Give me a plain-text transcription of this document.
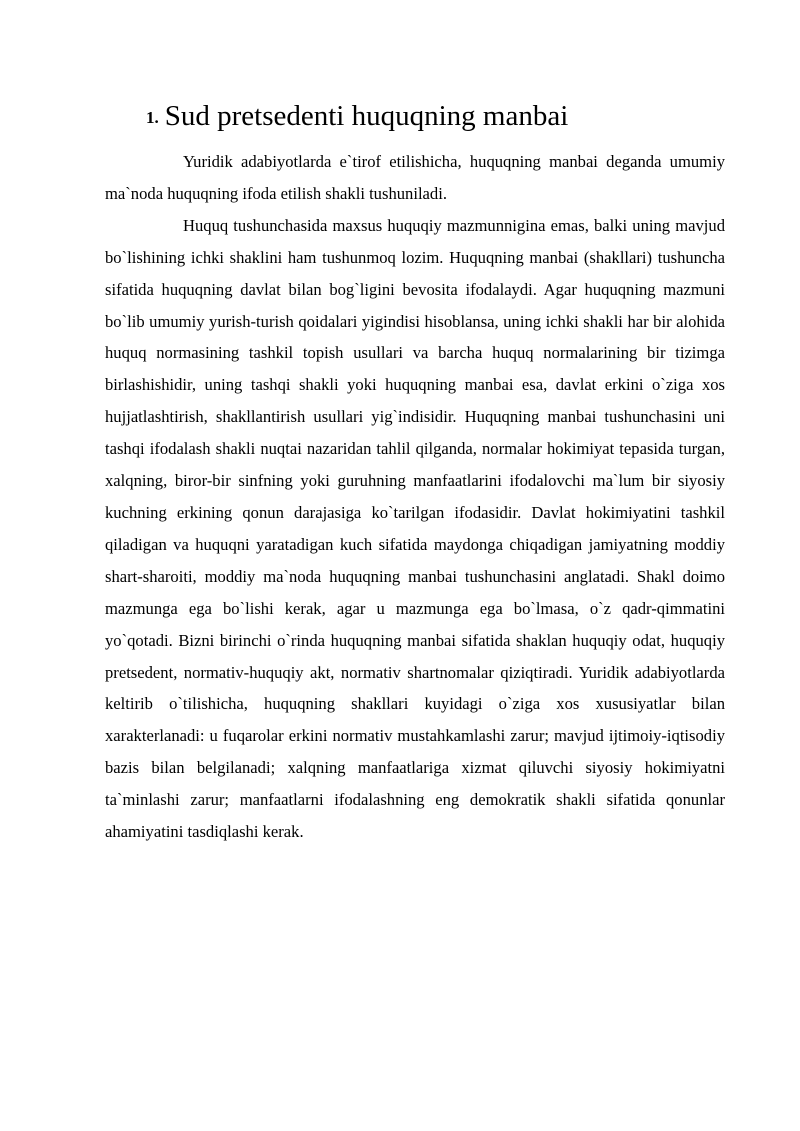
1. Sud pretsedenti huquqning manbai

Yuridik adabiyotlarda e`tirof etilishicha, huquqning manbai deganda umumiy ma`noda huquqning ifoda etilish shakli tushuniladi.

Huquq tushunchasida maxsus huquqiy mazmunnigina emas, balki uning mavjud bo`lishining ichki shaklini ham tushunmoq lozim. Huquqning manbai (shakllari) tushuncha sifatida huquqning davlat bilan bog`ligini bevosita ifodalaydi. Agar huquqning mazmuni bo`lib umumiy yurish-turish qoidalari yigindisi hisoblansa, uning ichki shakli har bir alohida huquq normasining tashkil topish usullari va barcha huquq normalarining bir tizimga birlashishidir, uning tashqi shakli yoki huquqning manbai esa, davlat erkini o`ziga xos hujjatlashtirish, shakllantirish usullari yig`indisidir. Huquqning manbai tushunchasini uni tashqi ifodalash shakli nuqtai nazaridan tahlil qilganda, normalar hokimiyat tepasida turgan, xalqning, biror-bir sinfning yoki guruhning manfaatlarini ifodalovchi ma`lum bir siyosiy kuchning erkining qonun darajasiga ko`tarilgan ifodasidir. Davlat hokimiyatini tashkil qiladigan va huquqni yaratadigan kuch sifatida maydonga chiqadigan jamiyatning moddiy shart-sharoiti, moddiy ma`noda huquqning manbai tushunchasini anglatadi. Shakl doimo mazmunga ega bo`lishi kerak, agar u mazmunga ega bo`lmasa, o`z qadr-qimmatini yo`qotadi. Bizni birinchi o`rinda huquqning manbai sifatida shaklan huquqiy odat, huquqiy pretsedent, normativ-huquqiy akt, normativ shartnomalar qiziqtiradi. Yuridik adabiyotlarda keltirib o`tilishicha, huquqning shakllari kuyidagi o`ziga xos xususiyatlar bilan xarakterlanadi: u fuqarolar erkini normativ mustahkamlashi zarur; mavjud ijtimoiy-iqtisodiy bazis bilan belgilanadi; xalqning manfaatlariga xizmat qiluvchi siyosiy hokimiyatni ta`minlashi zarur; manfaatlarni ifodalashning eng demokratik shakli sifatida qonunlar ahamiyatini tasdiqlashi kerak.
